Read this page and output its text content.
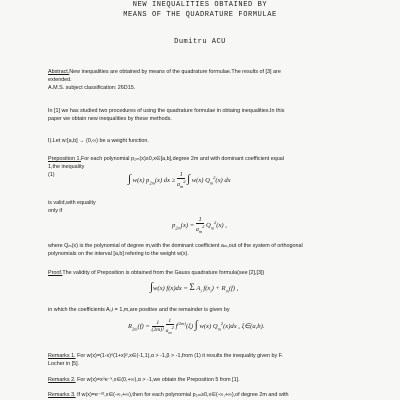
NEW INEQUALITIES OBTAINED BY
MEANS OF THE QUADRATURE FORMULAE
Dumitru ACU
Abstract.New inequalities are obtained by means of the quadrature formulae.The results of [3] are
extended.
A.M.S. subject classification: 26D15.
In [1] we has studied two procedures of using the quadrature formulae in obtaing inequalities.In this
paper we obtain new inequalities by these methods.
I).Let w:[a,b] → (0,∞) be a weight function.
Preposition 1.For each polynomial p₂ₘ(x)≥0,x∈[a,b],degree 2m and with dominant coefficient equal
1,the inequality
(1)	∫ w(x) $p_{2m}(x)$ dx ≥ $\frac{1}{a_m^2}$ ∫ w(x) $Q_m^2(x)$ dx
is valid,with equality
only if
$p_{2m}(x) = \frac{1}{a_m^2} Q_m^2(x)$ ,
where Qₘ(x) is the polynomial of degree m,with the dominant coefficient aₘ,out of the system of orthogonal
polynomials on the interval [a,b] refering to the weight w(x).
Proof.The validity of Preposition is obtained from the Gauss quadrature formula(see [2],[3])
∫w(x) f(x)dx = Σ $A_i$ $f(x_i) + R_m(f)$ ,
in which the coefficients Aᵢ,i = 1,m,are positive and the remainder is given by
$R_{2m}(f) = \frac{1}{(2m)!}$
$\frac{1}{a_m^2} f^{(2m)}(\xi)$ ∫ w(x) $Q_m^2(x)dx$ , ξ∈(a,b).
Remarks 1. For w(x)=(1-x)ᵅ(1+x)ᵝ,x∈(-1,1),α > -1,β > -1,from (1) it results the inequality given by F.
Locher in [5].
Remarks 2. For w(x)=xᵅe⁻ˣ,x∈(0,+∞),α > -1,we obtain the Preposition 5 from [1].
Remarks 3. If w(x)=e⁻ˣ²,x∈(-∞,+∞),then for each polynomial p₂ₘ≥0,x∈(-∞,+∞),of degree 2m and with
